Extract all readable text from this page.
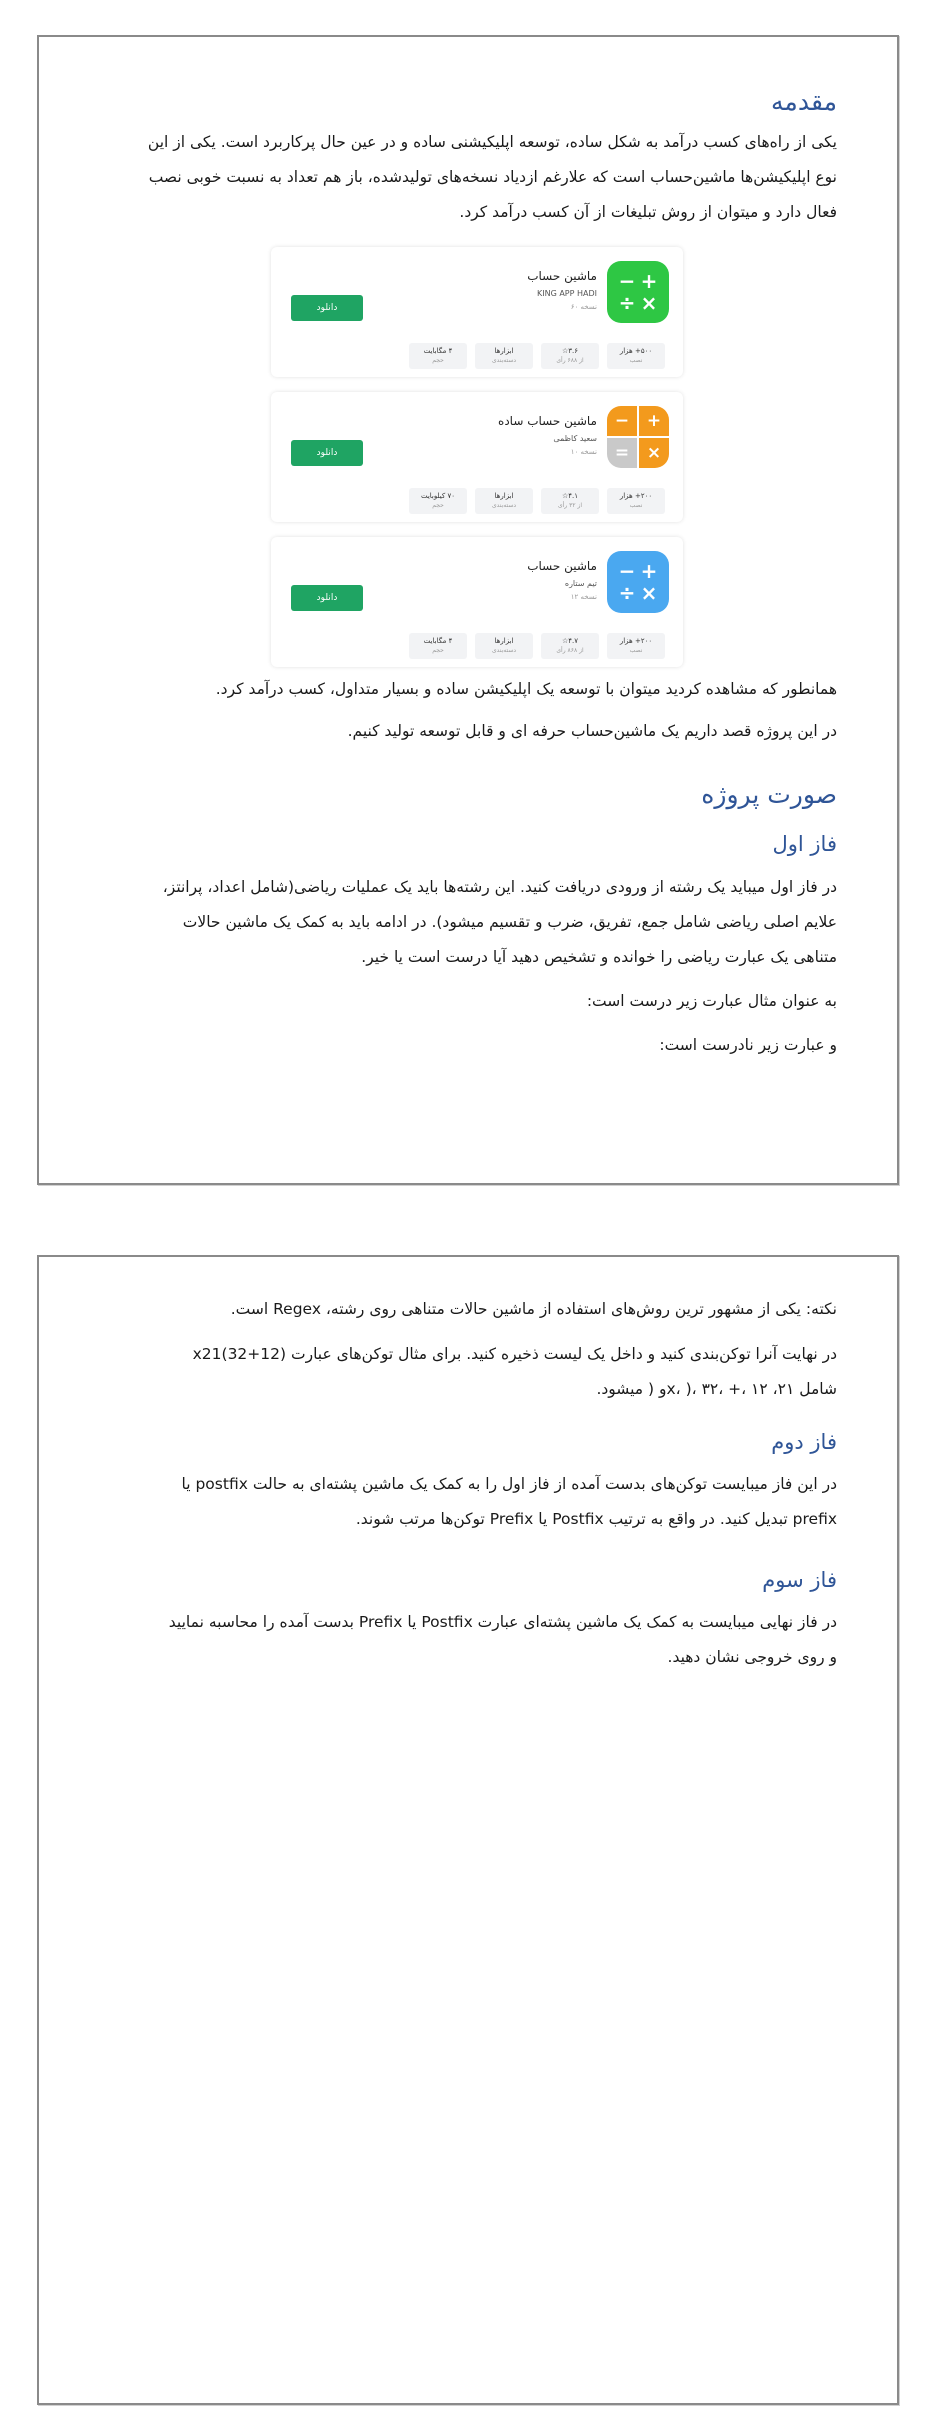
مقدمه
یکی از راه‌های کسب درآمد به شکل ساده، توسعه اپلیکیشنی ساده و در عین حال پرکاربرد است. یکی از این
نوع اپلیکیشن‌ها ماشین‌حساب است که علارغم ازدیاد نسخه‌های تولیدشده، باز هم تعداد به نسبت خوبی نصب
فعال دارد و میتوان از روش تبلیغات از آن کسب درآمد کرد.
+
−
×
÷
ماشین حساب
KING APP HADI
نسخه ۶۰
دانلود
۵۰۰+ هزار
نصب
۳.۶☆
از ۶۸۸ رأی
ابزارها
دسته‌بندی
۴ مگابایت
حجم
+
−
×
=
ماشین حساب ساده
سعید کاظمی
نسخه ۱۰
دانلود
۲۰۰+ هزار
نصب
۴.۱☆
از ۳۲ رأی
ابزارها
دسته‌بندی
۷۰ کیلوبایت
حجم
+
−
×
÷
ماشین حساب
تیم ستاره
نسخه ۱۲
دانلود
۲۰۰+ هزار
نصب
۴.۷☆
از ۸۶۸ رأی
ابزارها
دسته‌بندی
۴ مگابایت
حجم
همانطور که مشاهده کردید میتوان با توسعه یک اپلیکیشن ساده و بسیار متداول، کسب درآمد کرد.
در این پروژه قصد داریم یک ماشین‌حساب حرفه ای و قابل توسعه تولید کنیم.
صورت پروژه
فاز اول
در فاز اول میباید یک رشته از ورودی دریافت کنید. این رشته‌ها باید یک عملیات ریاضی(شامل اعداد، پرانتز،
علایم اصلی ریاضی شامل جمع، تفریق، ضرب و تقسیم میشود). در ادامه باید به کمک یک ماشین حالات
متناهی یک عبارت ریاضی را خوانده و تشخیص دهید آیا درست است یا خیر.
به عنوان مثال عبارت زیر درست است:
و عبارت زیر نادرست است:
نکته: یکی از مشهور ترین روش‌های استفاده از ماشین حالات متناهی روی رشته، Regex است.
در نهایت آنرا توکن‌بندی کنید و داخل یک لیست ذخیره کنید. برای مثال توکن‌های عبارت (12+32)x21
شامل ۲۱، x، )، ۳۲، +، ۱۲و ( میشود.
فاز دوم
در این فاز میبایست توکن‌های بدست آمده از فاز اول را به کمک یک ماشین پشته‌ای به حالت postfix یا
prefix تبدیل کنید. در واقع به ترتیب Postfix یا Prefix توکن‌ها مرتب شوند.
فاز سوم
در فاز نهایی میبایست به کمک یک ماشین پشته‌ای عبارت Postfix یا Prefix بدست آمده را محاسبه نمایید
و روی خروجی نشان دهید.
